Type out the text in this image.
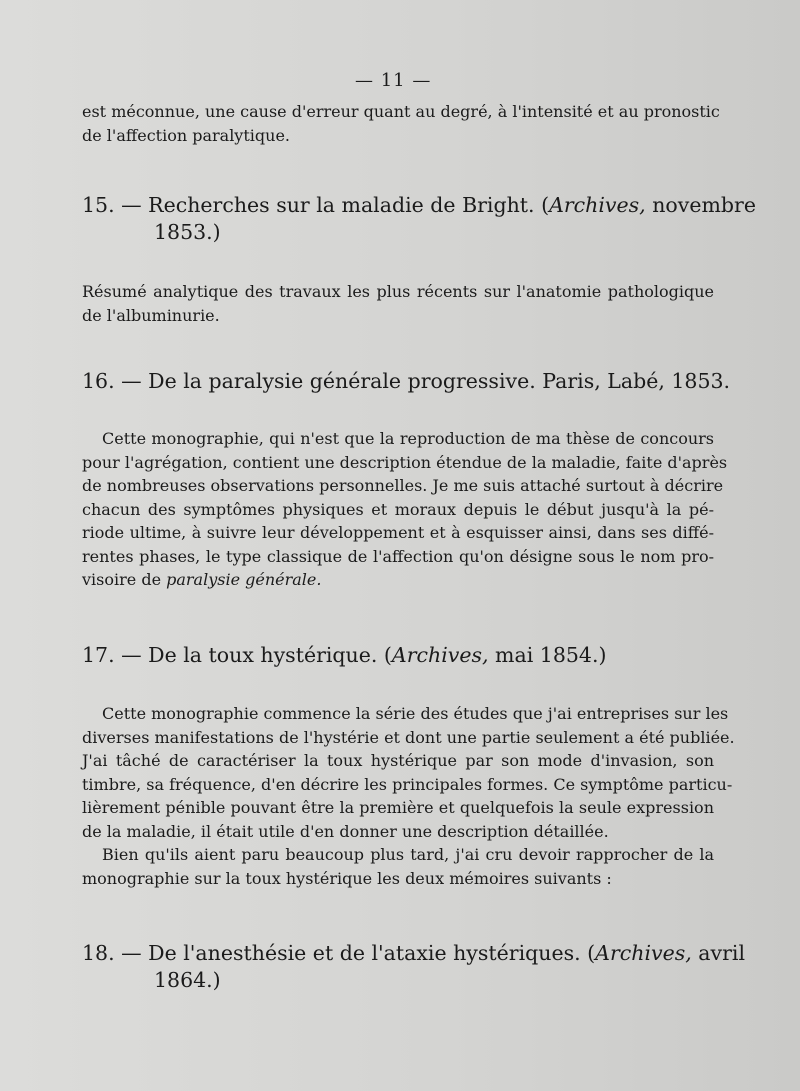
— 11 —
est méconnue, une cause d'erreur quant au degré, à l'intensité et au pronostic
de l'affection paralytique.
15. — Recherches sur la maladie de Bright. (Archives, novembre
1853.)
Résumé analytique des travaux les plus récents sur l'anatomie pathologique
de l'albuminurie.
16. — De la paralysie générale progressive. Paris, Labé, 1853.
Cette monographie, qui n'est que la reproduction de ma thèse de concours
pour l'agrégation, contient une description étendue de la maladie, faite d'après
de nombreuses observations personnelles. Je me suis attaché surtout à décrire
chacun des symptômes physiques et moraux depuis le début jusqu'à la pé-
riode ultime, à suivre leur développement et à esquisser ainsi, dans ses diffé-
rentes phases, le type classique de l'affection qu'on désigne sous le nom pro-
visoire de paralysie générale.
17. — De la toux hystérique. (Archives, mai 1854.)
Cette monographie commence la série des études que j'ai entreprises sur les
diverses manifestations de l'hystérie et dont une partie seulement a été publiée.
J'ai tâché de caractériser la toux hystérique par son mode d'invasion, son
timbre, sa fréquence, d'en décrire les principales formes. Ce symptôme particu-
lièrement pénible pouvant être la première et quelquefois la seule expression
de la maladie, il était utile d'en donner une description détaillée.
Bien qu'ils aient paru beaucoup plus tard, j'ai cru devoir rapprocher de la
monographie sur la toux hystérique les deux mémoires suivants :
18. — De l'anesthésie et de l'ataxie hystériques. (Archives, avril
1864.)
